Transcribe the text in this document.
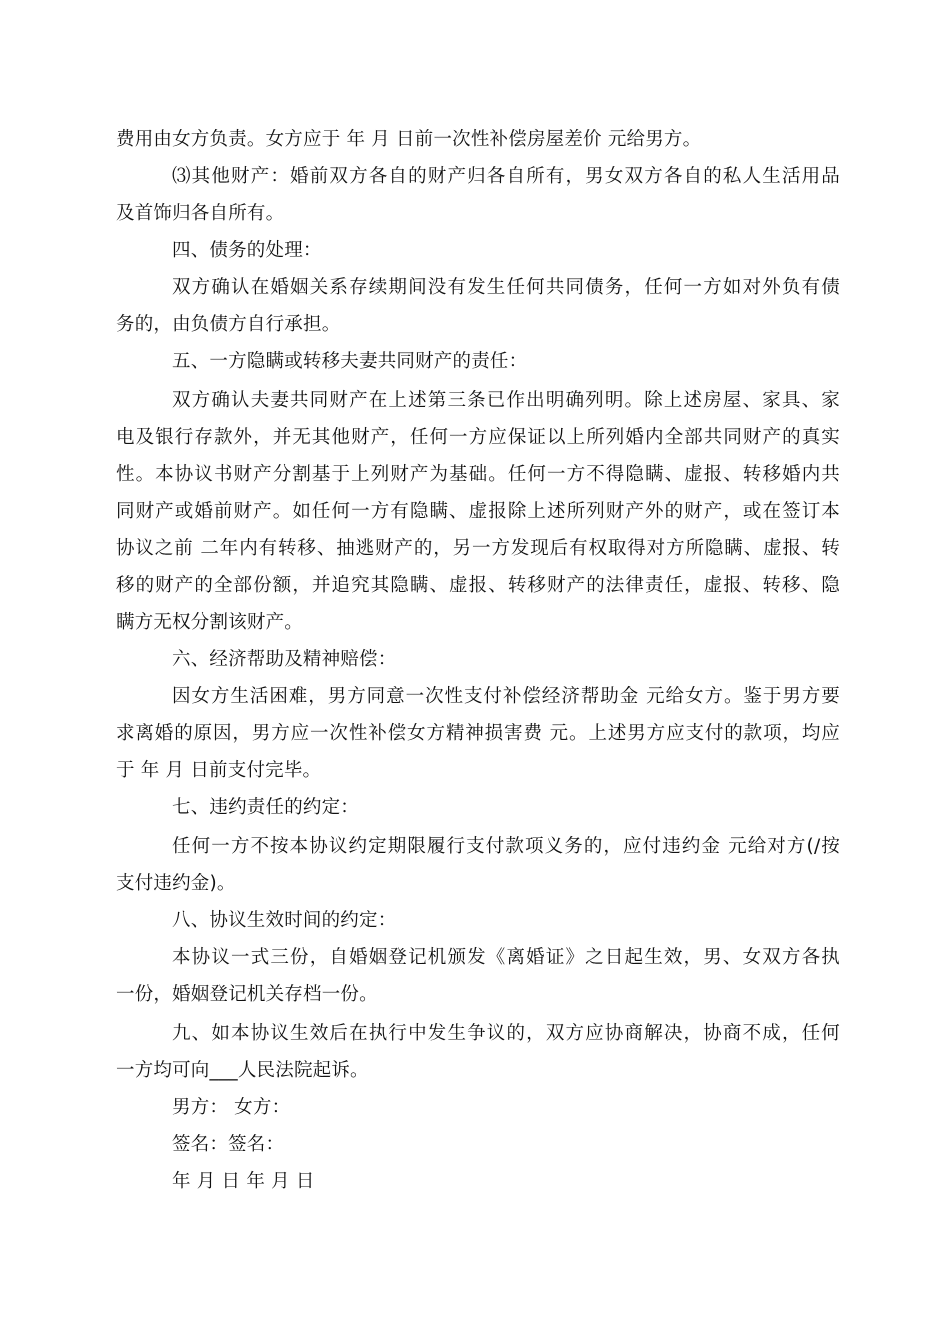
费用由女方负责。女方应于 年 月 日前一次性补偿房屋差价 元给男方。
⑶其他财产：婚前双方各自的财产归各自所有，男女双方各自的私人生活用品
及首饰归各自所有。
四、债务的处理：
双方确认在婚姻关系存续期间没有发生任何共同债务，任何一方如对外负有债
务的，由负债方自行承担。
五、一方隐瞒或转移夫妻共同财产的责任：
双方确认夫妻共同财产在上述第三条已作出明确列明。除上述房屋、家具、家
电及银行存款外，并无其他财产，任何一方应保证以上所列婚内全部共同财产的真实
性。本协议书财产分割基于上列财产为基础。任何一方不得隐瞒、虚报、转移婚内共
同财产或婚前财产。如任何一方有隐瞒、虚报除上述所列财产外的财产，或在签订本
协议之前 二年内有转移、抽逃财产的，另一方发现后有权取得对方所隐瞒、虚报、转
移的财产的全部份额，并追究其隐瞒、虚报、转移财产的法律责任，虚报、转移、隐
瞒方无权分割该财产。
六、经济帮助及精神赔偿：
因女方生活困难，男方同意一次性支付补偿经济帮助金 元给女方。鉴于男方要
求离婚的原因，男方应一次性补偿女方精神损害费 元。上述男方应支付的款项，均应
于 年 月 日前支付完毕。
七、违约责任的约定：
任何一方不按本协议约定期限履行支付款项义务的，应付违约金 元给对方(/按
支付违约金)。
八、协议生效时间的约定：
本协议一式三份，自婚姻登记机颁发《离婚证》之日起生效，男、女双方各执
一份，婚姻登记机关存档一份。
九、如本协议生效后在执行中发生争议的，双方应协商解决，协商不成，任何
一方均可向___人民法院起诉。
男方： 女方：
签名：签名：
年 月 日 年 月 日
